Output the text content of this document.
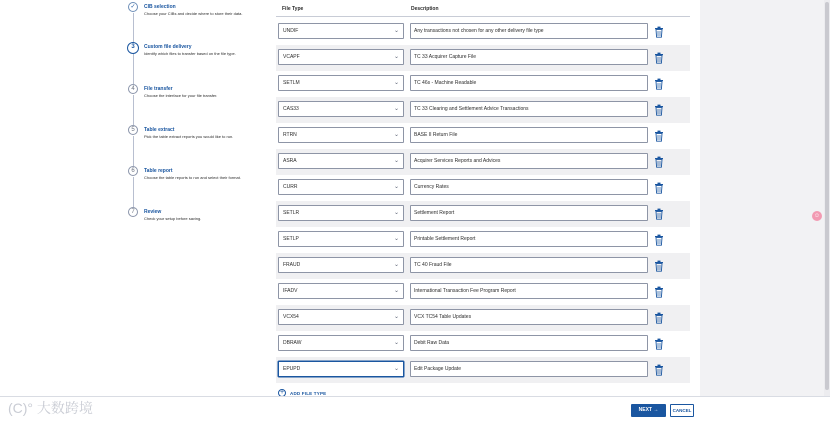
✓	CIB selection
Choose your CIBs and decide where to store their data.
3	Custom file delivery
Identify which files to transfer based on the file type.
4	File transfer
Choose the interface for your file transfer.
5	Table extract
Pick the table extract reports you would like to run.
6	Table report
Choose the table reports to run and select their format.
7	Review
Check your setup before saving.
File Type	Description
UNDIF	⌄	Any transactions not chosen for any other delivery file type
VCAPF	⌄	TC 33 Acquirer Capture File
SETLM	⌄	TC 46s - Machine Readable
CAS33	⌄	TC 33 Clearing and Settlement Advice Transactions
RTRN	⌄	BASE II Return File
ASRA	⌄	Acquirer Services Reports and Advices
CURR	⌄	Currency Rates
SETLR	⌄	Settlement Report
SETLP	⌄	Printable Settlement Report
FRAUD	⌄	TC 40 Fraud File
IFADV	⌄	International Transaction Fee Program Report
VCX54	⌄	VCX TC54 Table Updates
DBRAW	⌄	Debit Raw Data
EPUPD	⌄	Edit Package Update
+	ADD FILE TYPE
NEXT →	CANCEL
☺
(C)° 大数跨境
